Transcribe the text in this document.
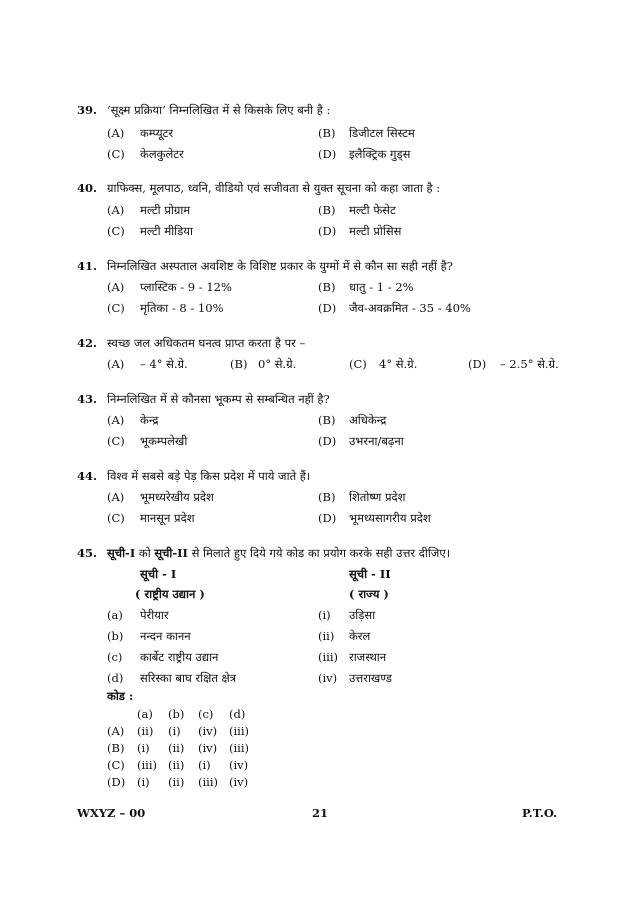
39. ‘सूक्ष्म प्रक्रिया’ निम्नलिखित में से किसके लिए बनी है :
(A) कम्प्यूटर	(B) डिजीटल सिस्टम
(C) केलकुलेटर	(D) इलैक्ट्रिक गुड्स
40. ग्राफिक्स, मूलपाठ, ध्वनि, वीडियो एवं सजीवता से युक्त सूचना को कहा जाता है :
(A) मल्टी प्रोग्राम	(B) मल्टी फेसेट
(C) मल्टी मीडिया	(D) मल्टी प्रोसिस
41. निम्नलिखित अस्पताल अवशिष्ट के विशिष्ट प्रकार के युग्मों में से कौन सा सही नहीं है?
(A) प्लास्टिक - 9 - 12%	(B) धातु - 1 - 2%
(C) मृतिका - 8 - 10%	(D) जैव-अवक्रमित - 35 - 40%
42. स्वच्छ जल अधिकतम घनत्व प्राप्त करता है पर –
(A) – 4° से.ग्रे.	(B) 0° से.ग्रे.	(C) 4° से.ग्रे.	(D) – 2.5° से.ग्रे.
43. निम्नलिखित में से कौनसा भूकम्प से सम्बन्धित नहीं है?
(A) केन्द्र	(B) अधिकेन्द्र
(C) भूकम्पलेखी	(D) उभरना/बढ़ना
44. विश्व में सबसे बड़े पेड़ किस प्रदेश में पाये जाते हैं।
(A) भूमध्यरेखीय प्रदेश	(B) शितोष्ण प्रदेश
(C) मानसून प्रदेश	(D) भूमध्यसागरीय प्रदेश
45. सूची-I को सूची-II से मिलाते हुए दिये गये कोड का प्रयोग करके सही उत्तर दीजिए।
सूची - I
( राष्ट्रीय उद्यान )
सूची - II
( राज्य )
(a) पेरीयार	(i) उड़िसा
(b) नन्दन कानन	(ii) केरल
(c) कार्बेट राष्ट्रीय उद्यान	(iii) राजस्थान
(d) सरिस्का बाघ रक्षित क्षेत्र	(iv) उत्तराखण्ड
कोड :
(a) (b) (c) (d)
(A) (ii) (i) (iv) (iii)
(B) (i) (ii) (iv) (iii)
(C) (iii) (ii) (i) (iv)
(D) (i) (ii) (iii) (iv)
WXYZ – 00	21	P.T.O.
